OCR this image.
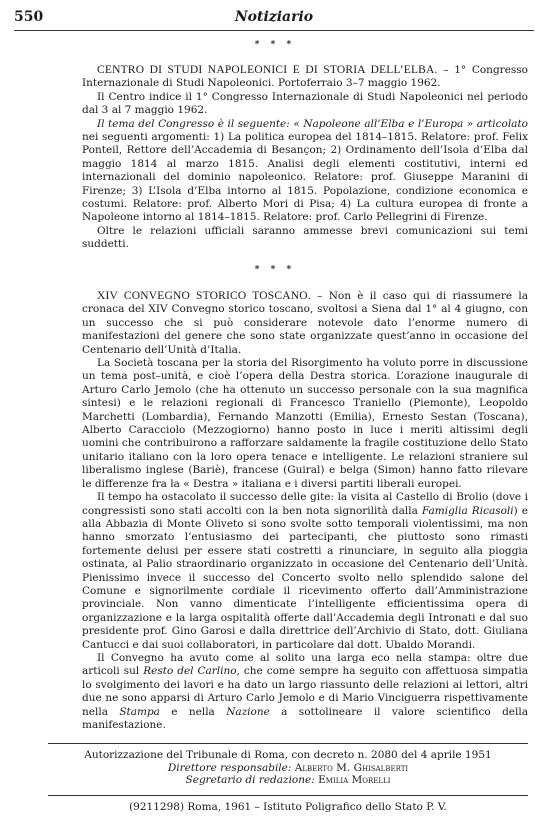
550	Notiziario
* * *

CENTRO DI STUDI NAPOLEONICI E DI STORIA DELL’ELBA. – 1° Congresso Internazionale di Studi Napoleonici. Portoferraio 3–7 maggio 1962.

Il Centro indice il 1° Congresso Internazionale di Studi Napoleonici nel periodo dal 3 al 7 maggio 1962.

Il tema del Congresso è il seguente: « Napoleone all’Elba e l’Europa » articolato nei seguenti argomenti: 1) La politica europea del 1814–1815. Relatore: prof. Felix Ponteil, Rettore dell’Accademia di Besançon; 2) Ordinamento dell’Isola d’Elba dal maggio 1814 al marzo 1815. Analisi degli elementi costitutivi, interni ed internazionali del dominio napoleonico. Relatore: prof. Giuseppe Maranini di Firenze; 3) L’Isola d’Elba intorno al 1815. Popolazione, condizione economica e costumi. Relatore: prof. Alberto Mori di Pisa; 4) La cultura europea di fronte a Napoleone intorno al 1814–1815. Relatore: prof. Carlo Pellegrini di Firenze.

Oltre le relazioni ufficiali saranno ammesse brevi comunicazioni sui temi suddetti.

* * *

XIV CONVEGNO STORICO TOSCANO. – Non è il caso qui di riassumere la cronaca del XIV Convegno storico toscano, svoltosi a Siena dal 1° al 4 giugno, con un successo che si può considerare notevole dato l’enorme numero di manifestazioni del genere che sono state organizzate quest’anno in occasione del Centenario dell’Unità d’Italia.

La Società toscana per la storia del Risorgimento ha voluto porre in discussione un tema post–unità, e cioè l’opera della Destra storica. L’orazione inaugurale di Arturo Carlo Jemolo (che ha ottenuto un successo personale con la sua magnifica sintesi) e le relazioni regionali di Francesco Traniello (Piemonte), Leopoldo Marchetti (Lombardia), Fernando Manzotti (Emilia), Ernesto Sestan (Toscana), Alberto Caracciolo (Mezzogiorno) hanno posto in luce i meriti altissimi degli uomini che contribuirono a rafforzare saldamente la fragile costituzione dello Stato unitario italiano con la loro opera tenace e intelligente. Le relazioni straniere sul liberalismo inglese (Bariè), francese (Guiral) e belga (Simon) hanno fatto rilevare le differenze fra la « Destra » italiana e i diversi partiti liberali europei.

Il tempo ha ostacolato il successo delle gite: la visita al Castello di Brolio (dove i congressisti sono stati accolti con la ben nota signorilità dalla Famiglia Ricasoli) e alla Abbazia di Monte Oliveto si sono svolte sotto temporali violentissimi, ma non hanno smorzato l’entusiasmo dei partecipanti, che piuttosto sono rimasti fortemente delusi per essere stati costretti a rinunciare, in seguito alla pioggia ostinata, al Palio straordinario organizzato in occasione del Centenario dell’Unità. Pienissimo invece il successo del Concerto svolto nello splendido salone del Comune e signorilmente cordiale il ricevimento offerto dall’Amministrazione provinciale. Non vanno dimenticate l’intelligente efficientissima opera di organizzazione e la larga ospitalità offerte dall’Accademia degli Intronati e dal suo presidente prof. Gino Garosi e dalla direttrice dell’Archivio di Stato, dott. Giuliana Cantucci e dai suoi collaboratori, in particolare dal dott. Ubaldo Morandi.

Il Convegno ha avuto come al solito una larga eco nella stampa: oltre due articoli sul Resto del Carlino, che come sempre ha seguito con affettuosa simpatia lo svolgimento dei lavori e ha dato un largo riassunto delle relazioni ai lettori, altri due ne sono apparsi di Arturo Carlo Jemolo e di Mario Vinciguerra rispettivamente nella Stampa e nella Nazione a sottolineare il valore scientifico della manifestazione.

Autorizzazione del Tribunale di Roma, con decreto n. 2080 del 4 aprile 1951
Direttore responsabile: Alberto M. Ghisalberti
Segretario di redazione: Emilia Morelli
(9211298) Roma, 1961 – Istituto Poligrafico dello Stato P. V.
